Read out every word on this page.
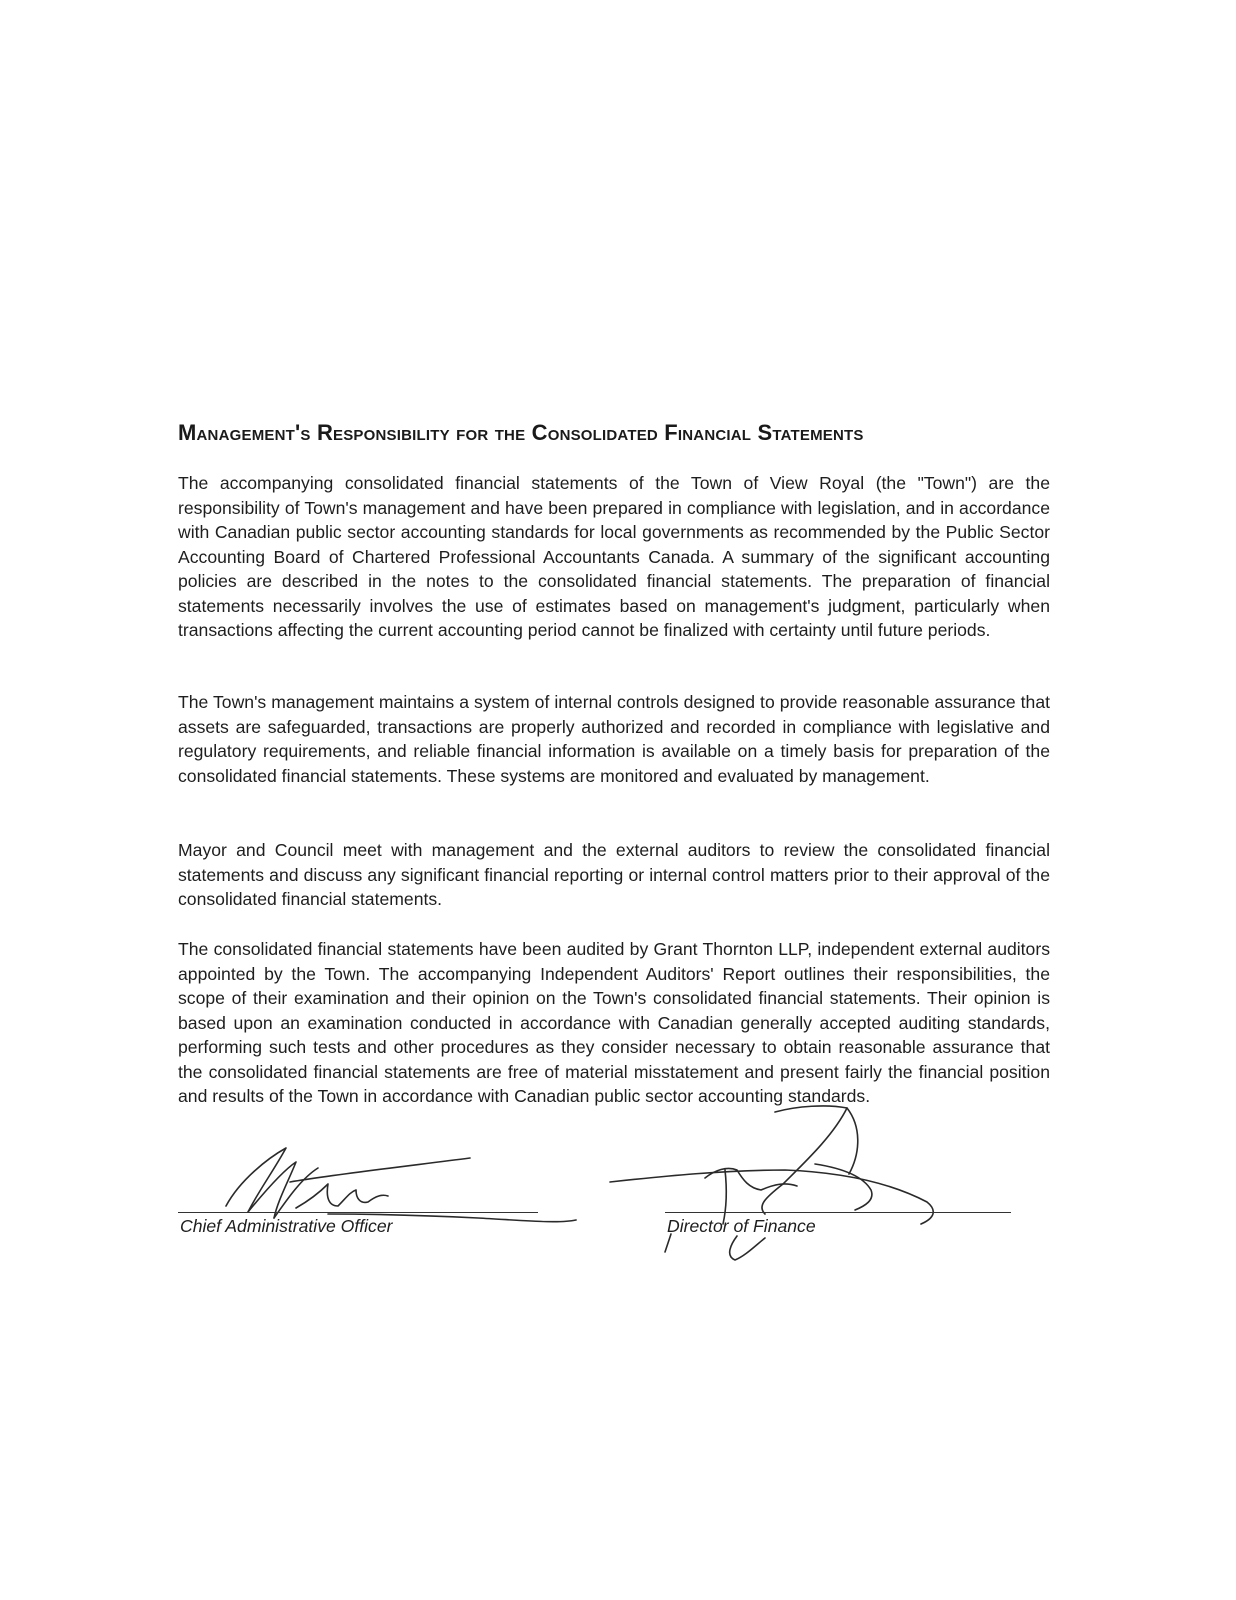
Management's Responsibility for the Consolidated Financial Statements

The accompanying consolidated financial statements of the Town of View Royal (the "Town") are the responsibility of Town's management and have been prepared in compliance with legislation, and in accordance with Canadian public sector accounting standards for local governments as recommended by the Public Sector Accounting Board of Chartered Professional Accountants Canada. A summary of the significant accounting policies are described in the notes to the consolidated financial statements. The preparation of financial statements necessarily involves the use of estimates based on management's judgment, particularly when transactions affecting the current accounting period cannot be finalized with certainty until future periods.

The Town's management maintains a system of internal controls designed to provide reasonable assurance that assets are safeguarded, transactions are properly authorized and recorded in compliance with legislative and regulatory requirements, and reliable financial information is available on a timely basis for preparation of the consolidated financial statements. These systems are monitored and evaluated by management.

Mayor and Council meet with management and the external auditors to review the consolidated financial statements and discuss any significant financial reporting or internal control matters prior to their approval of the consolidated financial statements.

The consolidated financial statements have been audited by Grant Thornton LLP, independent external auditors appointed by the Town. The accompanying Independent Auditors' Report outlines their responsibilities, the scope of their examination and their opinion on the Town's consolidated financial statements. Their opinion is based upon an examination conducted in accordance with Canadian generally accepted auditing standards, performing such tests and other procedures as they consider necessary to obtain reasonable assurance that the consolidated financial statements are free of material misstatement and present fairly the financial position and results of the Town in accordance with Canadian public sector accounting standards.

Chief Administrative Officer	Director of Finance
